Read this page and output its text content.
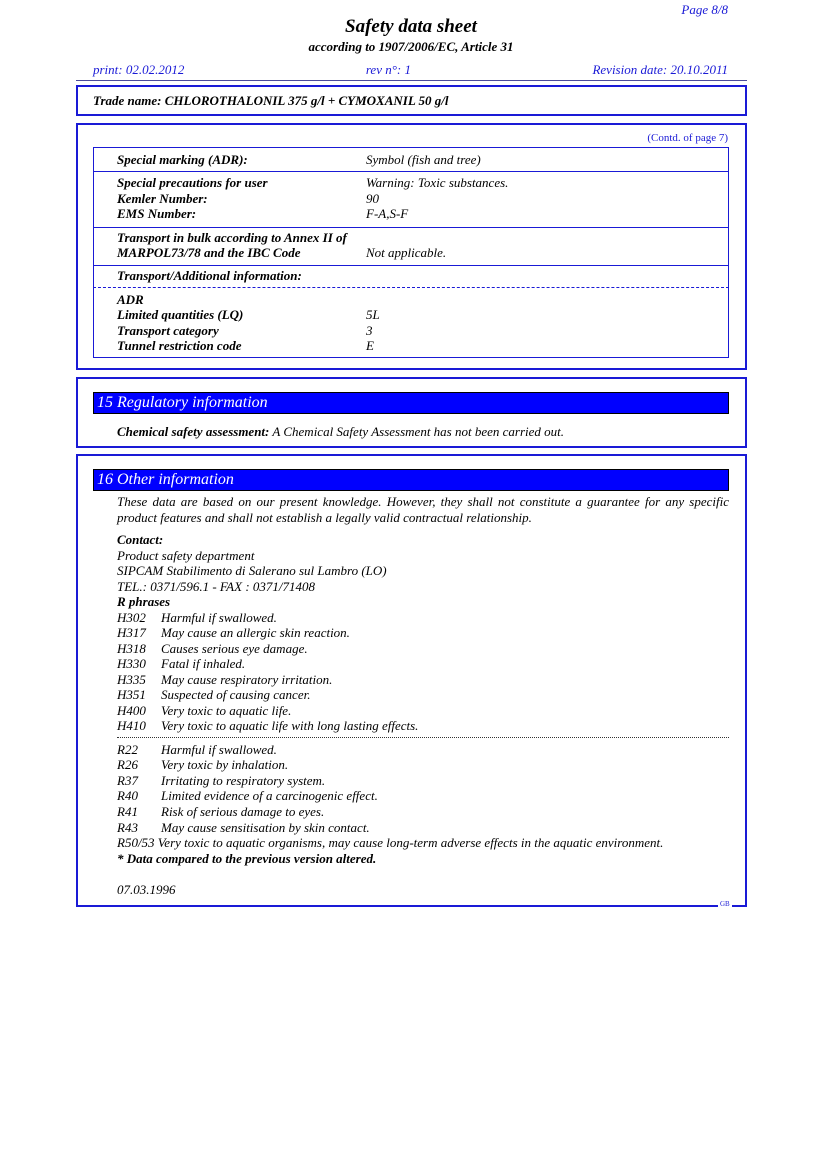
Page 8/8
Safety data sheet
according to 1907/2006/EC, Article 31
print: 02.02.2012	rev n°: 1	Revision date: 20.10.2011
Trade name: CHLOROTHALONIL 375 g/l + CYMOXANIL 50 g/l
(Contd. of page 7)
Special marking (ADR):	Symbol (fish and tree)
Special precautions for user	Warning: Toxic substances.
Kemler Number:	90
EMS Number:	F-A,S-F
Transport in bulk according to Annex II of
MARPOL73/78 and the IBC Code	Not applicable.
Transport/Additional information:
ADR
Limited quantities (LQ)	5L
Transport category	3
Tunnel restriction code	E
15 Regulatory information
Chemical safety assessment: A Chemical Safety Assessment has not been carried out.
16 Other information
These data are based on our present knowledge. However, they shall not constitute a guarantee for any specific product features and shall not establish a legally valid contractual relationship.
Contact:
Product safety department
SIPCAM Stabilimento di Salerano sul Lambro (LO)
TEL.: 0371/596.1 - FAX : 0371/71408
R phrases
H302 Harmful if swallowed.
H317 May cause an allergic skin reaction.
H318 Causes serious eye damage.
H330 Fatal if inhaled.
H335 May cause respiratory irritation.
H351 Suspected of causing cancer.
H400 Very toxic to aquatic life.
H410 Very toxic to aquatic life with long lasting effects.
R22 Harmful if swallowed.
R26 Very toxic by inhalation.
R37 Irritating to respiratory system.
R40 Limited evidence of a carcinogenic effect.
R41 Risk of serious damage to eyes.
R43 May cause sensitisation by skin contact.
R50/53 Very toxic to aquatic organisms, may cause long-term adverse effects in the aquatic environment.
* Data compared to the previous version altered.
07.03.1996
GB
